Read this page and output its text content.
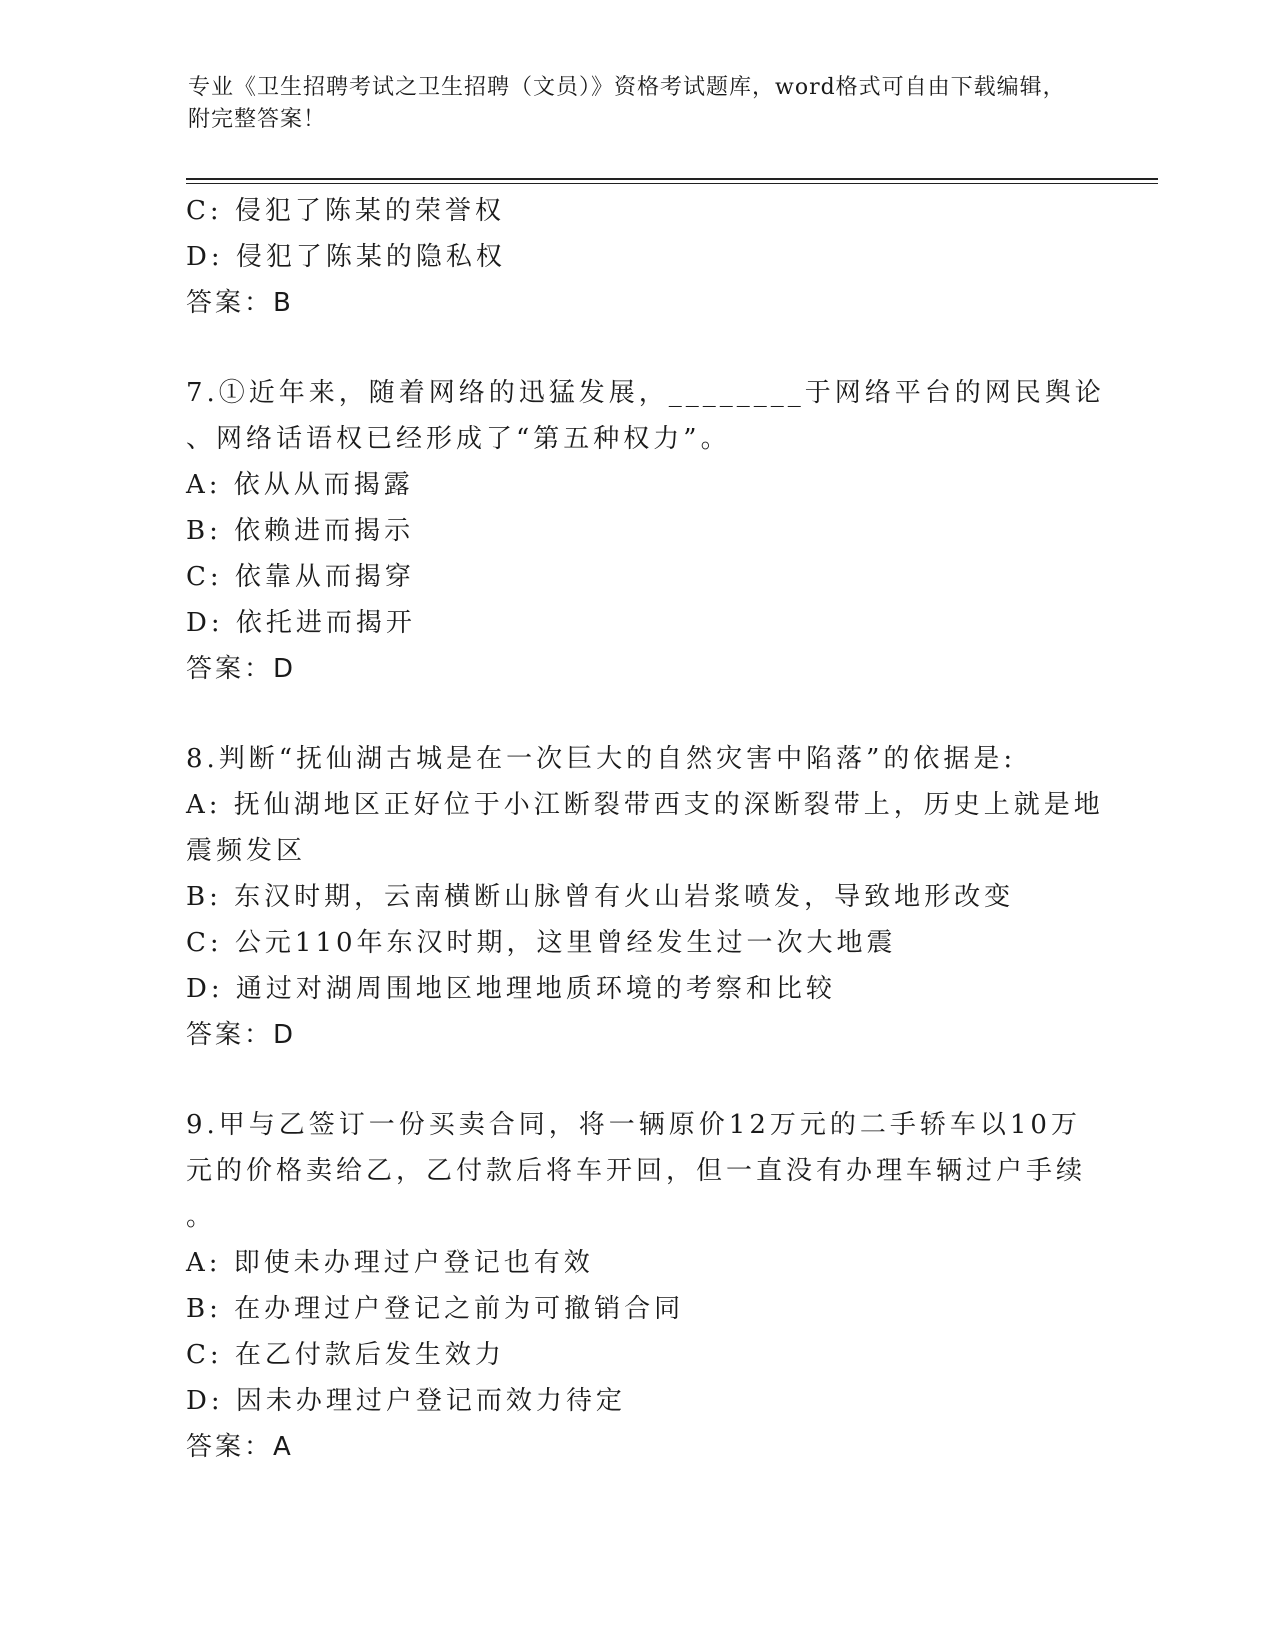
专业《卫生招聘考试之卫生招聘（文员）》资格考试题库，word格式可自由下载编辑，附完整答案！

C: 侵犯了陈某的荣誉权

D: 侵犯了陈某的隐私权

答案：B

7.①近年来，随着网络的迅猛发展，________于网络平台的网民舆论

、网络话语权已经形成了“第五种权力”。

A: 依从从而揭露

B: 依赖进而揭示

C: 依靠从而揭穿

D: 依托进而揭开

答案：D

8.判断“抚仙湖古城是在一次巨大的自然灾害中陷落”的依据是:

A: 抚仙湖地区正好位于小江断裂带西支的深断裂带上，历史上就是地

震频发区

B: 东汉时期，云南横断山脉曾有火山岩浆喷发，导致地形改变

C: 公元110年东汉时期，这里曾经发生过一次大地震

D: 通过对湖周围地区地理地质环境的考察和比较

答案：D

9.甲与乙签订一份买卖合同，将一辆原价12万元的二手轿车以10万

元的价格卖给乙，乙付款后将车开回，但一直没有办理车辆过户手续

。

A: 即使未办理过户登记也有效

B: 在办理过户登记之前为可撤销合同

C: 在乙付款后发生效力

D: 因未办理过户登记而效力待定

答案：A
